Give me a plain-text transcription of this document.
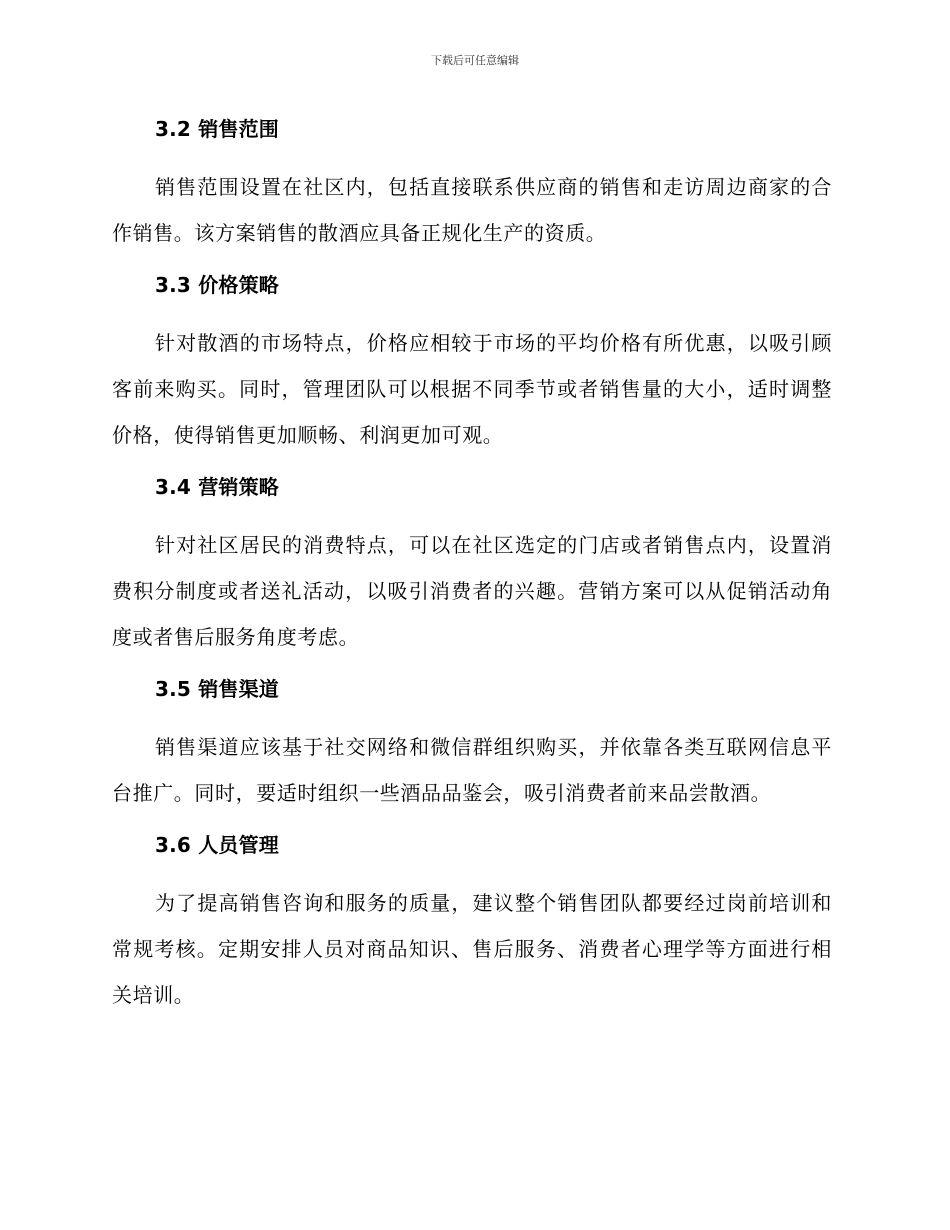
下载后可任意编辑
3.2 销售范围

销售范围设置在社区内，包括直接联系供应商的销售和走访周边商家的合作销售。该方案销售的散酒应具备正规化生产的资质。

3.3 价格策略

针对散酒的市场特点，价格应相较于市场的平均价格有所优惠，以吸引顾客前来购买。同时，管理团队可以根据不同季节或者销售量的大小，适时调整价格，使得销售更加顺畅、利润更加可观。

3.4 营销策略

针对社区居民的消费特点，可以在社区选定的门店或者销售点内，设置消费积分制度或者送礼活动，以吸引消费者的兴趣。营销方案可以从促销活动角度或者售后服务角度考虑。

3.5 销售渠道

销售渠道应该基于社交网络和微信群组织购买，并依靠各类互联网信息平台推广。同时，要适时组织一些酒品品鉴会，吸引消费者前来品尝散酒。

3.6 人员管理

为了提高销售咨询和服务的质量，建议整个销售团队都要经过岗前培训和常规考核。定期安排人员对商品知识、售后服务、消费者心理学等方面进行相关培训。
